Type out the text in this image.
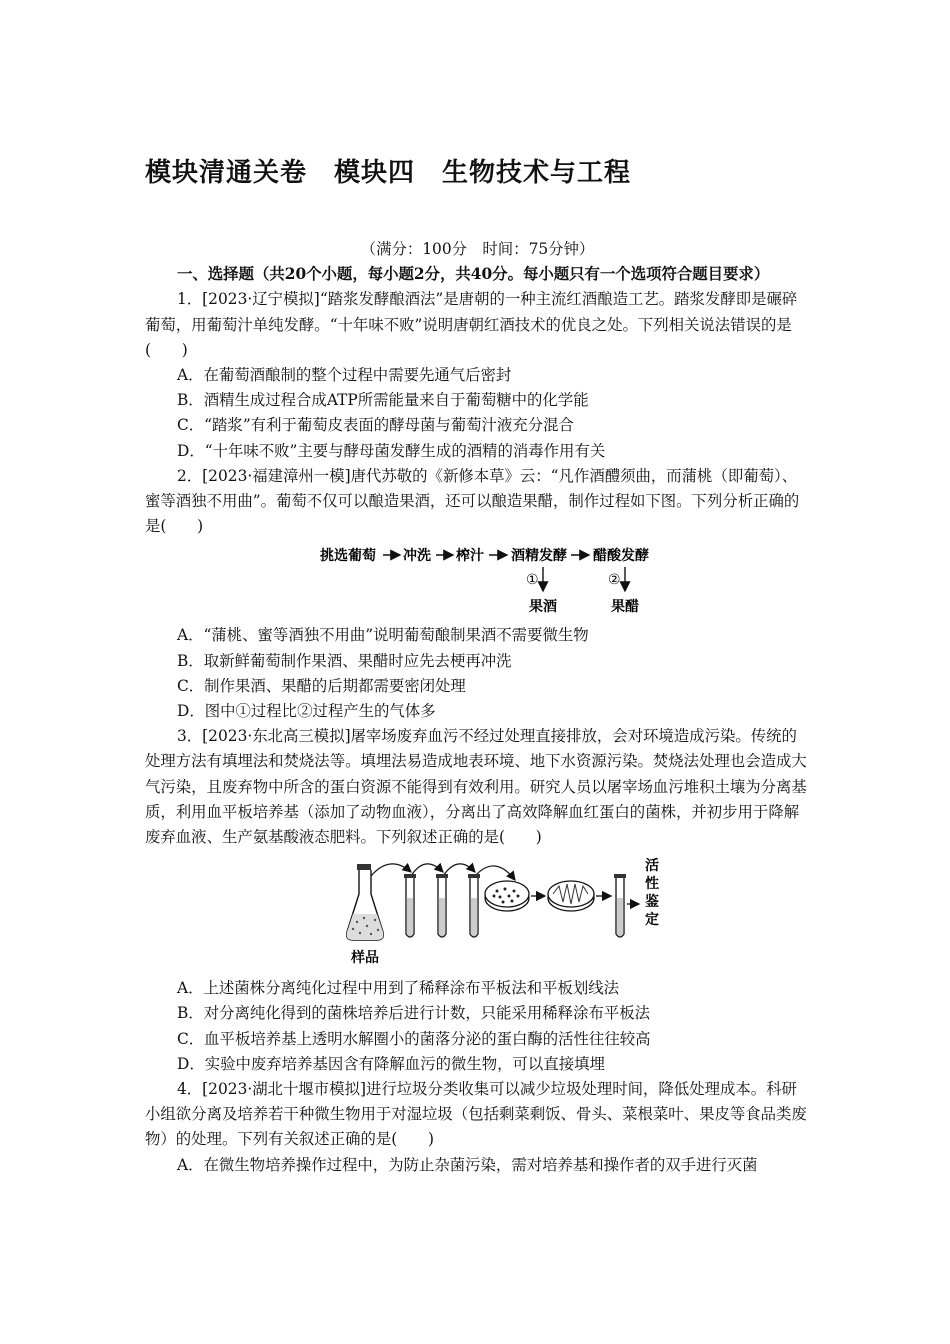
模块清通关卷　模块四　生物技术与工程

（满分：100分　时间：75分钟）

一、选择题（共20个小题，每小题2分，共40分。每小题只有一个选项符合题目要求）

1．[2023·辽宁模拟]“踏浆发酵酿酒法”是唐朝的一种主流红酒酿造工艺。踏浆发酵即是碾碎葡萄，用葡萄汁单纯发酵。“十年味不败”说明唐朝红酒技术的优良之处。下列相关说法错误的是(　　)

A．在葡萄酒酿制的整个过程中需要先通气后密封

B．酒精生成过程合成ATP所需能量来自于葡萄糖中的化学能

C．“踏浆”有利于葡萄皮表面的酵母菌与葡萄汁液充分混合

D．“十年味不败”主要与酵母菌发酵生成的酒精的消毒作用有关

2．[2023·福建漳州一模]唐代苏敬的《新修本草》云：“凡作酒醴须曲，而蒲桃（即葡萄）、蜜等酒独不用曲”。葡萄不仅可以酿造果酒，还可以酿造果醋，制作过程如下图。下列分析正确的是(　　)

挑选葡萄 冲洗 榨汁 酒精发酵 醋酸发酵
①	②
果酒	果醋

A．“蒲桃、蜜等酒独不用曲”说明葡萄酿制果酒不需要微生物

B．取新鲜葡萄制作果酒、果醋时应先去梗再冲洗

C．制作果酒、果醋的后期都需要密闭处理

D．图中①过程比②过程产生的气体多

3．[2023·东北高三模拟]屠宰场废弃血污不经过处理直接排放，会对环境造成污染。传统的处理方法有填埋法和焚烧法等。填埋法易造成地表环境、地下水资源污染。焚烧法处理也会造成大气污染，且废弃物中所含的蛋白资源不能得到有效利用。研究人员以屠宰场血污堆积土壤为分离基质，利用血平板培养基（添加了动物血液），分离出了高效降解血红蛋白的菌株，并初步用于降解废弃血液、生产氨基酸液态肥料。下列叙述正确的是(　　)

样品
活
性
鉴
定

A．上述菌株分离纯化过程中用到了稀释涂布平板法和平板划线法

B．对分离纯化得到的菌株培养后进行计数，只能采用稀释涂布平板法

C．血平板培养基上透明水解圈小的菌落分泌的蛋白酶的活性往往较高

D．实验中废弃培养基因含有降解血污的微生物，可以直接填埋

4．[2023·湖北十堰市模拟]进行垃圾分类收集可以减少垃圾处理时间，降低处理成本。科研小组欲分离及培养若干种微生物用于对湿垃圾（包括剩菜剩饭、骨头、菜根菜叶、果皮等食品类废物）的处理。下列有关叙述正确的是(　　)

A．在微生物培养操作过程中，为防止杂菌污染，需对培养基和操作者的双手进行灭菌
